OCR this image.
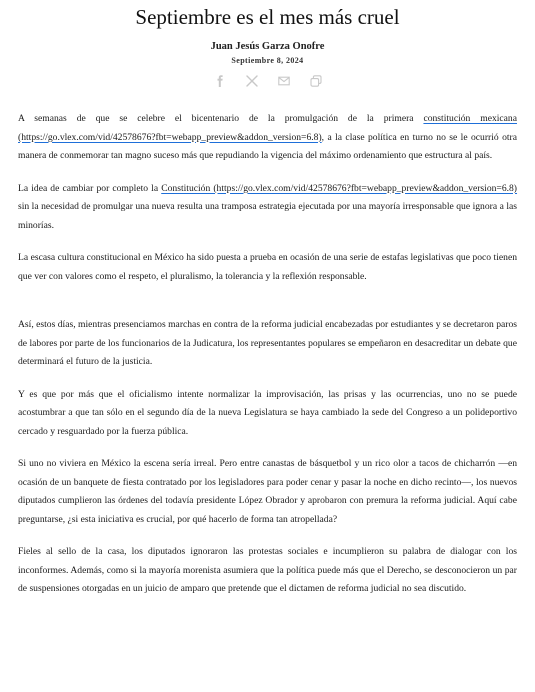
Septiembre es el mes más cruel
Juan Jesús Garza Onofre
Septiembre 8, 2024

A semanas de que se celebre el bicentenario de la promulgación de la primera constitución mexicana (https://go.vlex.com/vid/42578676?fbt=webapp_preview&addon_version=6.8), a la clase política en turno no se le ocurrió otra manera de conmemorar tan magno suceso más que repudiando la vigencia del máximo ordenamiento que estructura al país.

La idea de cambiar por completo la Constitución (https://go.vlex.com/vid/42578676?fbt=webapp_preview&addon_version=6.8) sin la necesidad de promulgar una nueva resulta una tramposa estrategia ejecutada por una mayoría irresponsable que ignora a las minorías.

La escasa cultura constitucional en México ha sido puesta a prueba en ocasión de una serie de estafas legislativas que poco tienen que ver con valores como el respeto, el pluralismo, la tolerancia y la reflexión responsable.

Así, estos días, mientras presenciamos marchas en contra de la reforma judicial encabezadas por estudiantes y se decretaron paros de labores por parte de los funcionarios de la Judicatura, los representantes populares se empeñaron en desacreditar un debate que determinará el futuro de la justicia.

Y es que por más que el oficialismo intente normalizar la improvisación, las prisas y las ocurrencias, uno no se puede acostumbrar a que tan sólo en el segundo día de la nueva Legislatura se haya cambiado la sede del Congreso a un polideportivo cercado y resguardado por la fuerza pública.

Si uno no viviera en México la escena sería irreal. Pero entre canastas de básquetbol y un rico olor a tacos de chicharrón —en ocasión de un banquete de fiesta contratado por los legisladores para poder cenar y pasar la noche en dicho recinto—, los nuevos diputados cumplieron las órdenes del todavía presidente López Obrador y aprobaron con premura la reforma judicial. Aquí cabe preguntarse, ¿si esta iniciativa es crucial, por qué hacerlo de forma tan atropellada?

Fieles al sello de la casa, los diputados ignoraron las protestas sociales e incumplieron su palabra de dialogar con los inconformes. Además, como si la mayoría morenista asumiera que la política puede más que el Derecho, se desconocieron un par de suspensiones otorgadas en un juicio de amparo que pretende que el dictamen de reforma judicial no sea discutido.
